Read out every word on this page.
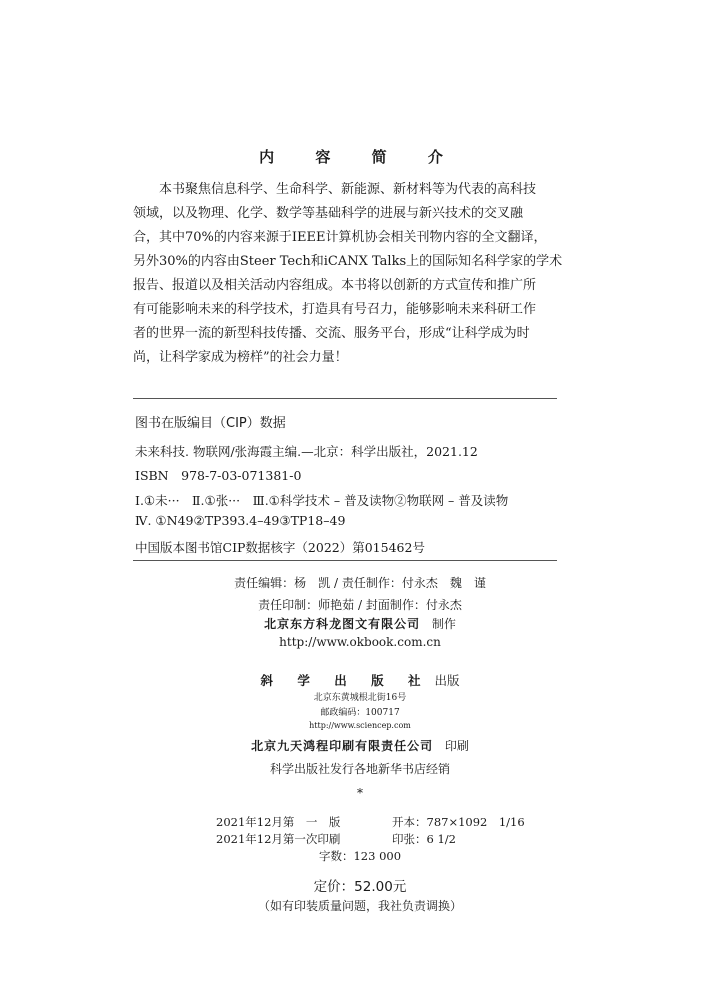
内 容 简 介
本书聚焦信息科学、生命科学、新能源、新材料等为代表的高科技
领域，以及物理、化学、数学等基础科学的进展与新兴技术的交叉融
合，其中70%的内容来源于IEEE计算机协会相关刊物内容的全文翻译，
另外30%的内容由Steer Tech和iCANX Talks上的国际知名科学家的学术
报告、报道以及相关活动内容组成。本书将以创新的方式宣传和推广所
有可能影响未来的科学技术，打造具有号召力，能够影响未来科研工作
者的世界一流的新型科技传播、交流、服务平台，形成“让科学成为时
尚，让科学家成为榜样”的社会力量！
图书在版编目（CIP）数据
未来科技. 物联网/张海霞主编.—北京：科学出版社，2021.12
ISBN　978-7-03-071381-0
Ⅰ.①未···　Ⅱ.①张···　Ⅲ.①科学技术 – 普及读物②物联网 – 普及读物
Ⅳ. ①N49②TP393.4–49③TP18–49
中国版本图书馆CIP数据核字（2022）第015462号
责任编辑：杨　凯 / 责任制作：付永杰　魏　谨
责任印制：师艳茹 / 封面制作：付永杰
北京东方科龙图文有限公司 制作
http://www.okbook.com.cn
斜 学 出 版 社 出版
北京东黄城根北街16号
邮政编码：100717
http://www.sciencep.com
北京九天鸿程印刷有限责任公司 印刷
科学出版社发行各地新华书店经销
*
2021年12月第　一　版	开本：787×1092　1/16
2021年12月第一次印刷	印张：6 1/2
字数：123 000
定价：52.00元
（如有印装质量问题，我社负责调换）
